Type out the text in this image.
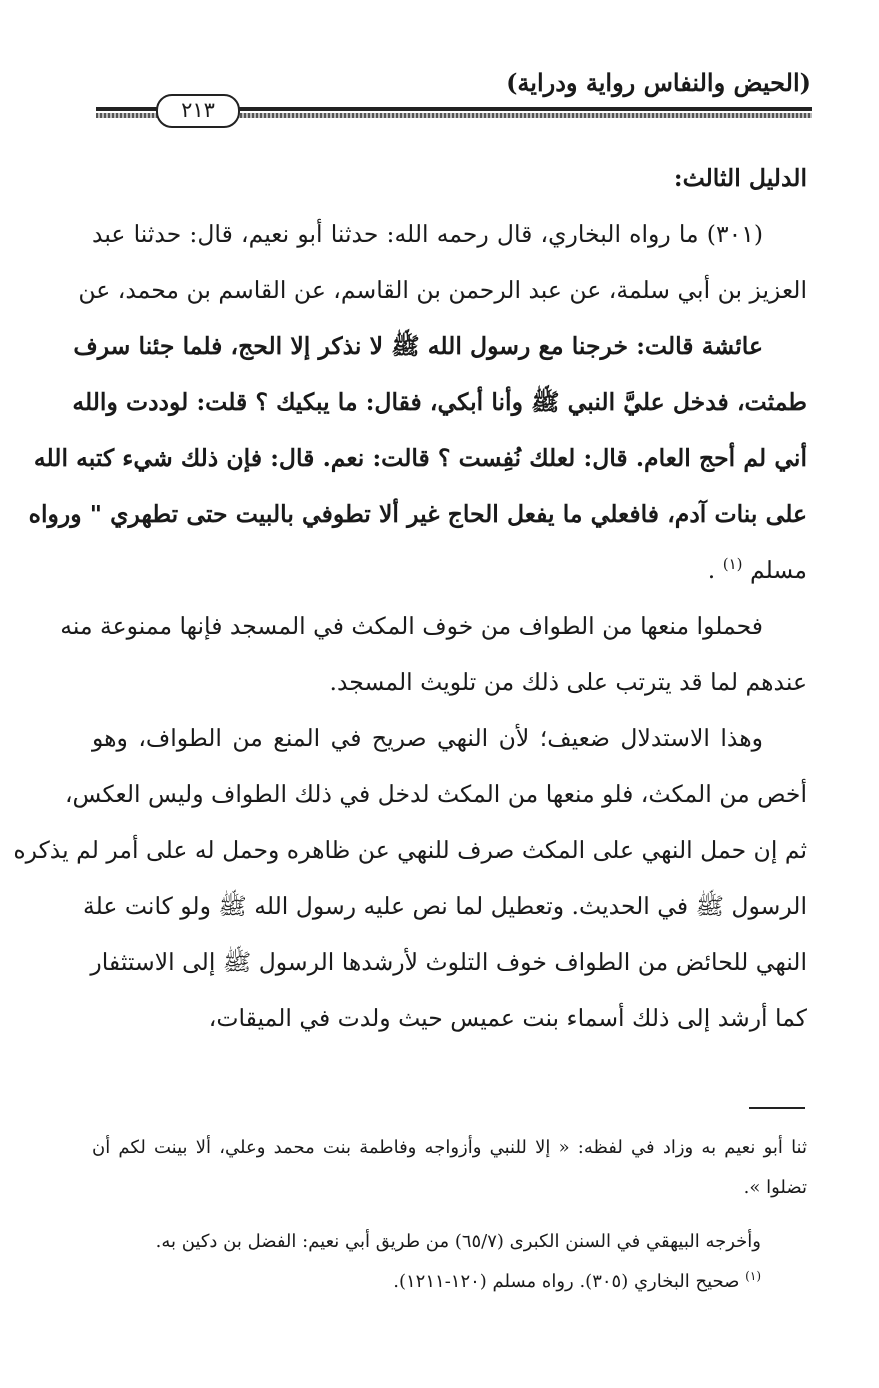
(الحيض والنفاس رواية ودراية)
٢١٣
الدليل الثالث:
(٣٠١) ما رواه البخاري، قال رحمه الله: حدثنا أبو نعيم، قال: حدثنا عبد
العزيز بن أبي سلمة، عن عبد الرحمن بن القاسم، عن القاسم بن محمد، عن
عائشة قالت: خرجنا مع رسول الله ﷺ لا نذكر إلا الحج، فلما جئنا سرف
طمثت، فدخل عليَّ النبي ﷺ وأنا أبكي، فقال: ما يبكيك ؟ قلت: لوددت والله
أني لم أحج العام. قال: لعلك نُفِست ؟ قالت: نعم. قال: فإن ذلك شيء كتبه الله
على بنات آدم، فافعلي ما يفعل الحاج غير ألا تطوفي بالبيت حتى تطهري " ورواه
مسلم $^{(١)}$ .
فحملوا منعها من الطواف من خوف المكث في المسجد فإنها ممنوعة منه
عندهم لما قد يترتب على ذلك من تلويث المسجد.
وهذا الاستدلال ضعيف؛ لأن النهي صريح في المنع من الطواف، وهو
أخص من المكث، فلو منعها من المكث لدخل في ذلك الطواف وليس العكس،
ثم إن حمل النهي على المكث صرف للنهي عن ظاهره وحمل له على أمر لم يذكره
الرسول ﷺ في الحديث. وتعطيل لما نص عليه رسول الله ﷺ ولو كانت علة
النهي للحائض من الطواف خوف التلوث لأرشدها الرسول ﷺ إلى الاستثفار
كما أرشد إلى ذلك أسماء بنت عميس حيث ولدت في الميقات،
ثنا أبو نعيم به وزاد في لفظه: « إلا للنبي وأزواجه وفاطمة بنت محمد وعلي، ألا بينت لكم أن
تضلوا ».
وأخرجه البيهقي في السنن الكبرى (٦٥/٧) من طريق أبي نعيم: الفضل بن دكين به.
$^{(١)}$ صحيح البخاري (٣٠٥). رواه مسلم (١٢٠-١٢١١).
